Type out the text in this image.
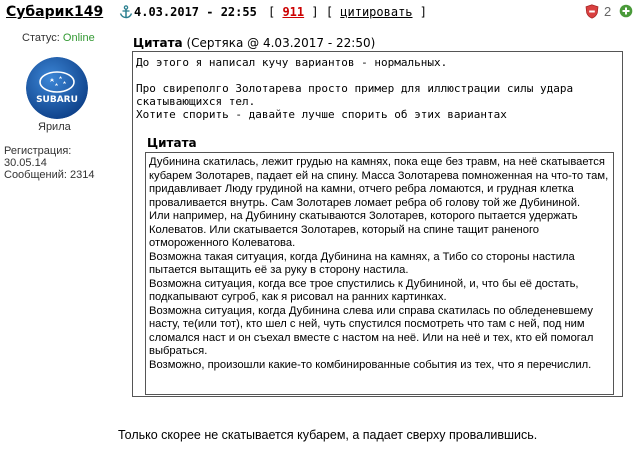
Субарик149	4.03.2017 - 22:55 [ 911 ] [ цитировать ]	2
Статус: Online
SUBARU
Ярила
Регистрация:
30.05.14
Сообщений: 2314
Цитата (Сертяка @ 4.03.2017 - 22:50)
До этого я написал кучу вариантов - нормальных.

Про свиреполго Золотарева просто пример для иллюстрации силы удара
скатывающихся тел.
Хотите спорить - давайте лучше спорить об этих вариантах
Цитата
Дубинина скатилась, лежит грудью на камнях, пока еще без травм, на неё скатывается кубарем Золотарев, падает ей на спину. Масса Золотарева помноженная на что-то там, придавливает Люду грудиной на камни, отчего ребра ломаются, и грудная клетка проваливается внутрь. Сам Золотарев ломает ребра об голову той же Дубининой.
Или например, на Дубинину скатываются Золотарев, которого пытается удержать Колеватов. Или скатывается Золотарев, который на спине тащит раненого отмороженного Колеватова.
Возможна такая ситуация, когда Дубинина на камнях, а Тибо со стороны настила пытается вытащить её за руку в сторону настила.
Возможна ситуация, когда все трое спустились к Дубининой, и, что бы её достать, подкапывают сугроб, как я рисовал на ранних картинках.
Возможна ситуация, когда Дубинина слева или справа скатилась по обледеневшему насту, те(или тот), кто шел с ней, чуть спустился посмотреть что там с ней, под ним сломался наст и он съехал вместе с настом на неё. Или на неё и тех, кто ей помогал выбраться.
Возможно, произошли какие-то комбинированные события из тех, что я перечислил.
Только скорее не скатывается кубарем, а падает сверху провалившись.
